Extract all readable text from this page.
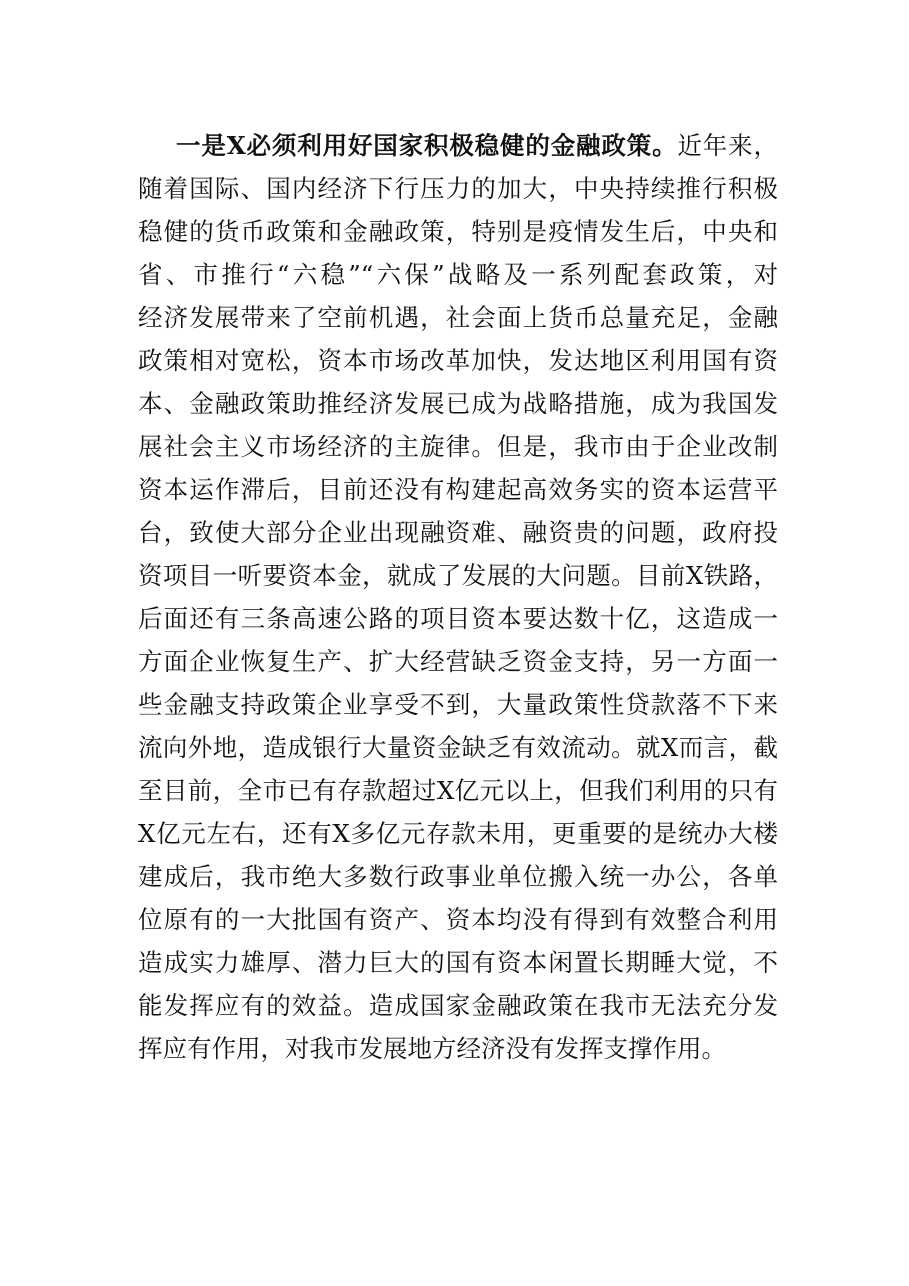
一是X必须利用好国家积极稳健的金融政策。近年来，
随着国际、国内经济下行压力的加大，中央持续推行积极
稳健的货币政策和金融政策，特别是疫情发生后，中央和
省、市推行“六稳”“六保”战略及一系列配套政策，对
经济发展带来了空前机遇，社会面上货币总量充足，金融
政策相对宽松，资本市场改革加快，发达地区利用国有资
本、金融政策助推经济发展已成为战略措施，成为我国发
展社会主义市场经济的主旋律。但是，我市由于企业改制
资本运作滞后，目前还没有构建起高效务实的资本运营平
台，致使大部分企业出现融资难、融资贵的问题，政府投
资项目一听要资本金，就成了发展的大问题。目前X铁路，
后面还有三条高速公路的项目资本要达数十亿，这造成一
方面企业恢复生产、扩大经营缺乏资金支持，另一方面一
些金融支持政策企业享受不到，大量政策性贷款落不下来
流向外地，造成银行大量资金缺乏有效流动。就X而言，截
至目前，全市已有存款超过X亿元以上，但我们利用的只有
X亿元左右，还有X多亿元存款未用，更重要的是统办大楼
建成后，我市绝大多数行政事业单位搬入统一办公，各单
位原有的一大批国有资产、资本均没有得到有效整合利用
造成实力雄厚、潜力巨大的国有资本闲置长期睡大觉，不
能发挥应有的效益。造成国家金融政策在我市无法充分发
挥应有作用，对我市发展地方经济没有发挥支撑作用。
